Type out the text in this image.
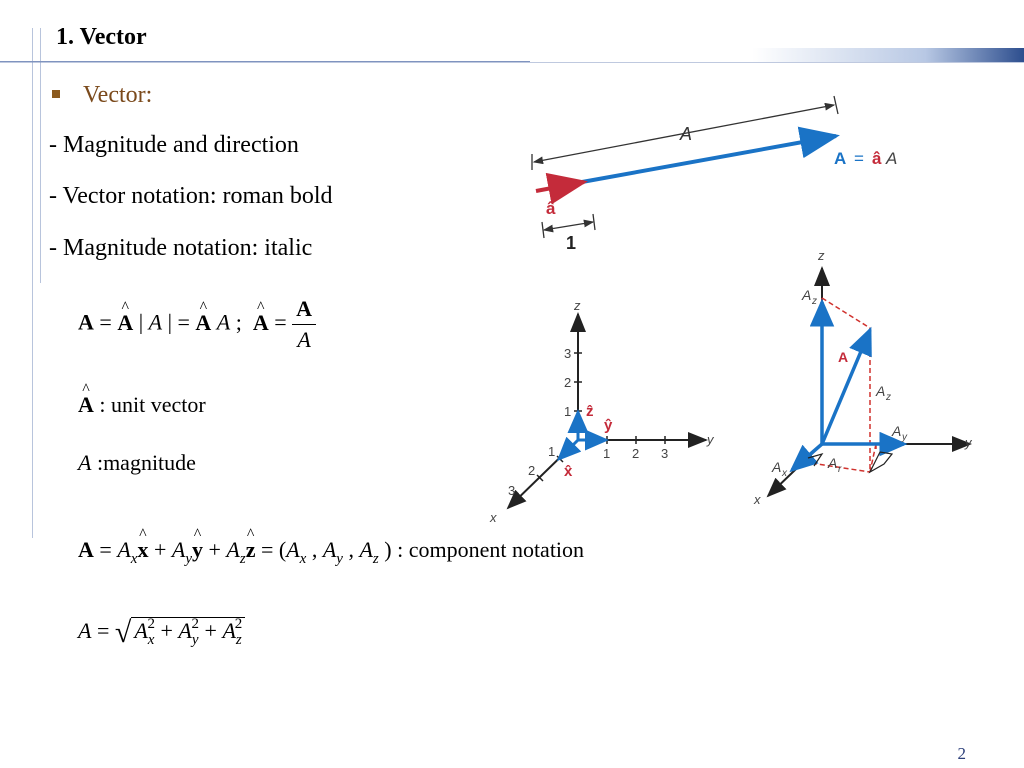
1. Vector
Vector:
- Magnitude and direction
- Vector notation: roman bold
- Magnitude notation: italic
A = ^ A | A | = ^ A A ;  ^ $A = \frac{A}{A}$
^ A : unit vector
A :magnitude
$A = A_x\^{}$ $x + A_y\^{}$ $y + A_z\^{}$ $z = (A_x$ , $A_y$ , $A_z$ ) : component notation
A = √ $A_x^2 + A_y^2 + A_z^2$
A
â
1
A = â A
z
y
x
1
2
3
1 2 3
1
2
3
ẑ
ŷ
x̂
z
y
x
A z
A
A z
A y
A x
A r
2
